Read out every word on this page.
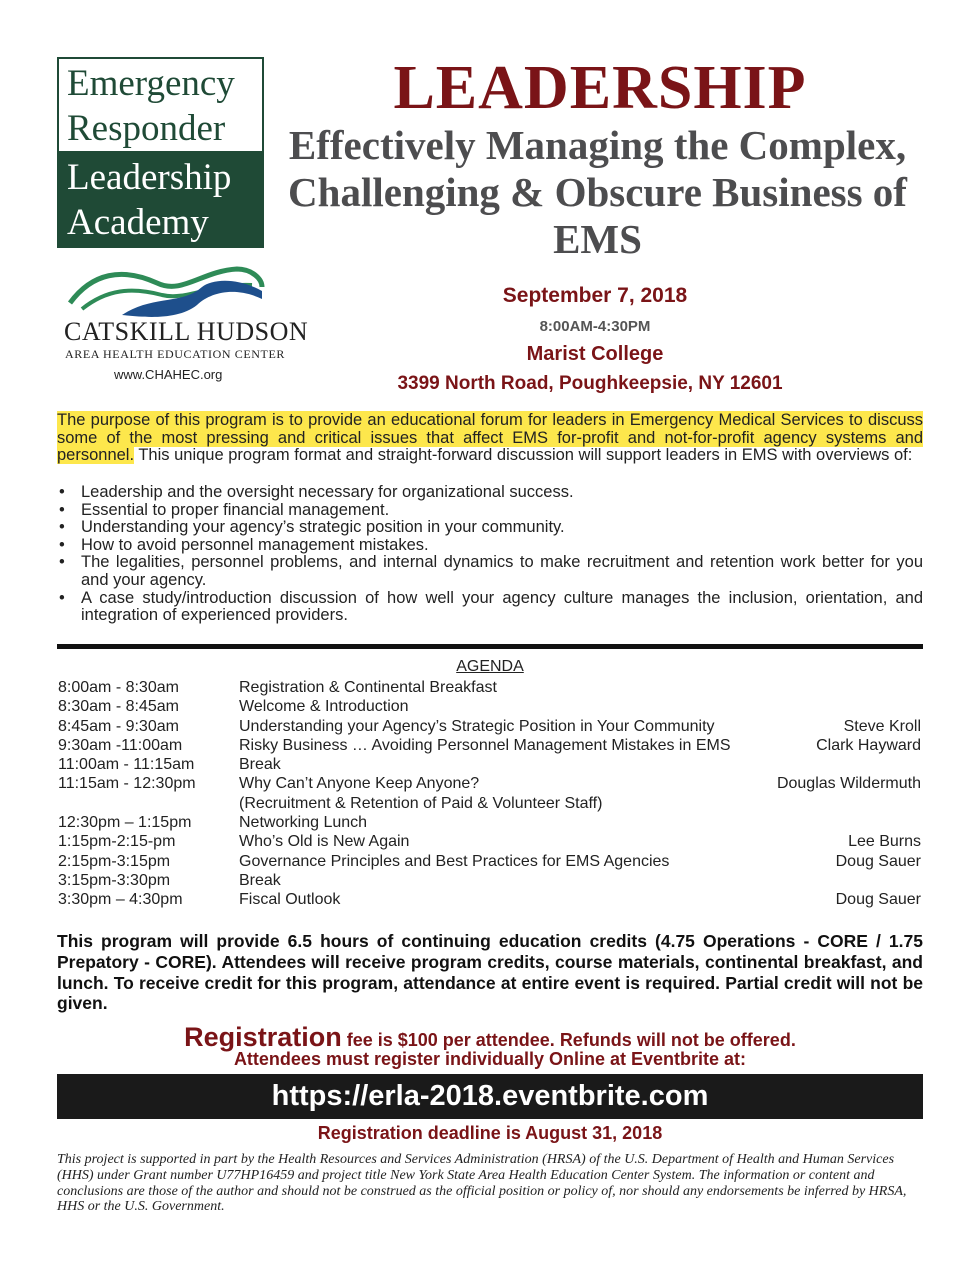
Emergency
Responder
Leadership
Academy
CATSKILL HUDSON
AREA HEALTH EDUCATION CENTER
www.CHAHEC.org
LEADERSHIP
Effectively Managing the Complex,
Challenging & Obscure Business of
EMS
September 7, 2018
8:00AM-4:30PM
Marist College
3399 North Road, Poughkeepsie, NY 12601
The purpose of this program is to provide an educational forum for leaders in Emergency Medical Services to discuss some of the most pressing and critical issues that affect EMS for-profit and not-for-profit agency systems and personnel. This unique program format and straight-forward discussion will support leaders in EMS with overviews of:
• Leadership and the oversight necessary for organizational success.
• Essential to proper financial management.
• Understanding your agency’s strategic position in your community.
• How to avoid personnel management mistakes.
• The legalities, personnel problems, and internal dynamics to make recruitment and retention work better for you and your agency.
• A case study/introduction discussion of how well your agency culture manages the inclusion, orientation, and integration of experienced providers.
AGENDA
8:00am - 8:30am	Registration & Continental Breakfast
8:30am - 8:45am	Welcome & Introduction
8:45am - 9:30am	Understanding your Agency’s Strategic Position in Your Community	Steve Kroll
9:30am -11:00am	Risky Business … Avoiding Personnel Management Mistakes in EMS	Clark Hayward
11:00am - 11:15am	Break
11:15am - 12:30pm	Why Can’t Anyone Keep Anyone?	Douglas Wildermuth
(Recruitment & Retention of Paid & Volunteer Staff)
12:30pm – 1:15pm	Networking Lunch
1:15pm-2:15-pm	Who’s Old is New Again	Lee Burns
2:15pm-3:15pm	Governance Principles and Best Practices for EMS Agencies	Doug Sauer
3:15pm-3:30pm	Break
3:30pm – 4:30pm	Fiscal Outlook	Doug Sauer
This program will provide 6.5 hours of continuing education credits (4.75 Operations - CORE / 1.75 Prepatory - CORE). Attendees will receive program credits, course materials, continental breakfast, and lunch. To receive credit for this program, attendance at entire event is required. Partial credit will not be given.
Registration fee is $100 per attendee. Refunds will not be offered.
Attendees must register individually Online at Eventbrite at:
https://erla-2018.eventbrite.com
Registration deadline is August 31, 2018
This project is supported in part by the Health Resources and Services Administration (HRSA) of the U.S. Department of Health and Human Services (HHS) under Grant number U77HP16459 and project title New York State Area Health Education Center System. The information or content and conclusions are those of the author and should not be construed as the official position or policy of, nor should any endorsements be inferred by HRSA, HHS or the U.S. Government.
